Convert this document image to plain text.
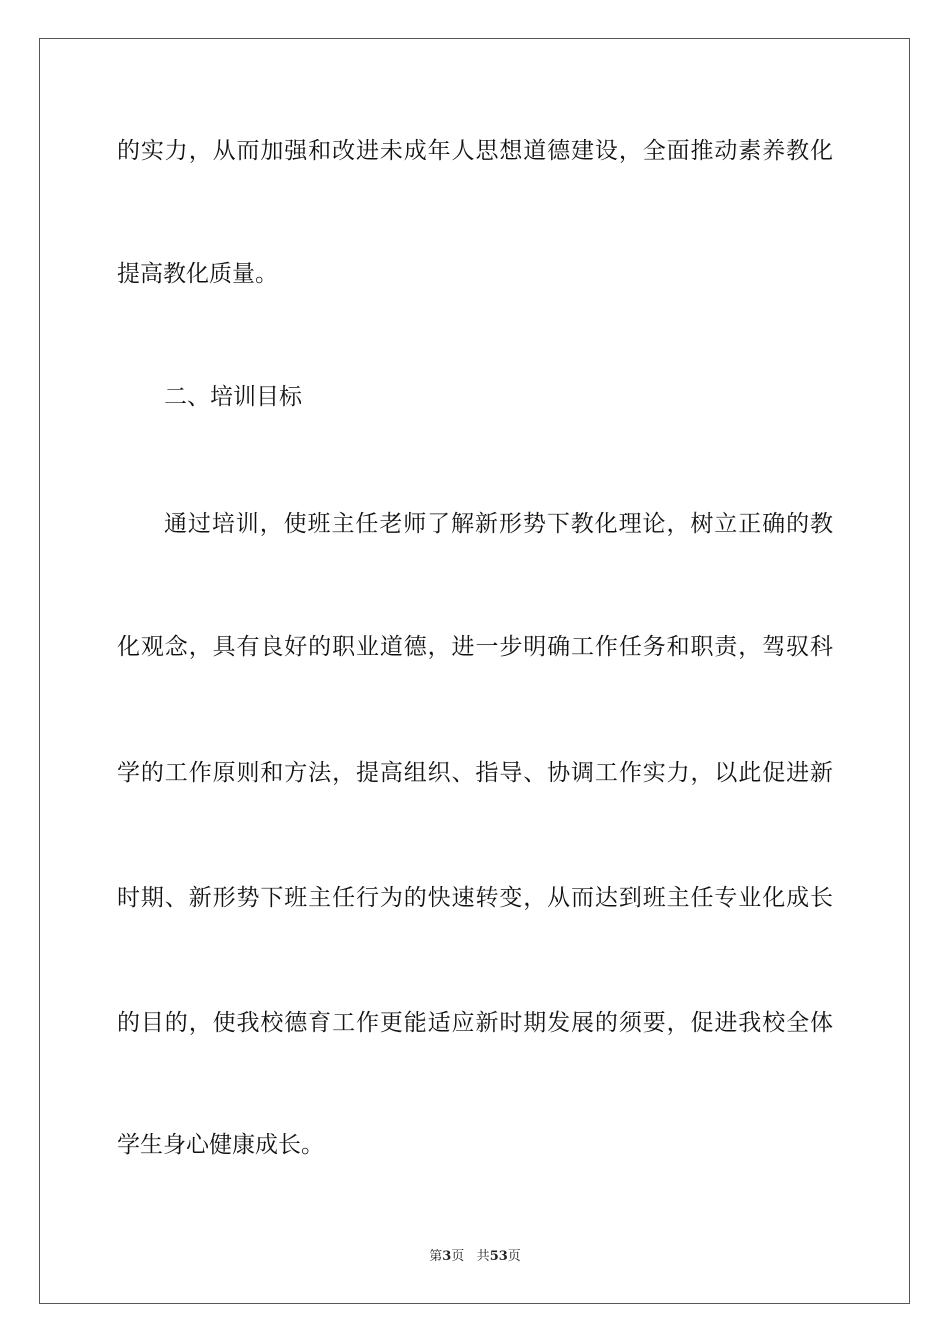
的实力，从而加强和改进未成年人思想道德建设，全面推动素养教化
提高教化质量。
二、培训目标
通过培训，使班主任老师了解新形势下教化理论，树立正确的教
化观念，具有良好的职业道德，进一步明确工作任务和职责，驾驭科
学的工作原则和方法，提高组织、指导、协调工作实力，以此促进新
时期、新形势下班主任行为的快速转变，从而达到班主任专业化成长
的目的，使我校德育工作更能适应新时期发展的须要，促进我校全体
学生身心健康成长。
第3页 共53页
